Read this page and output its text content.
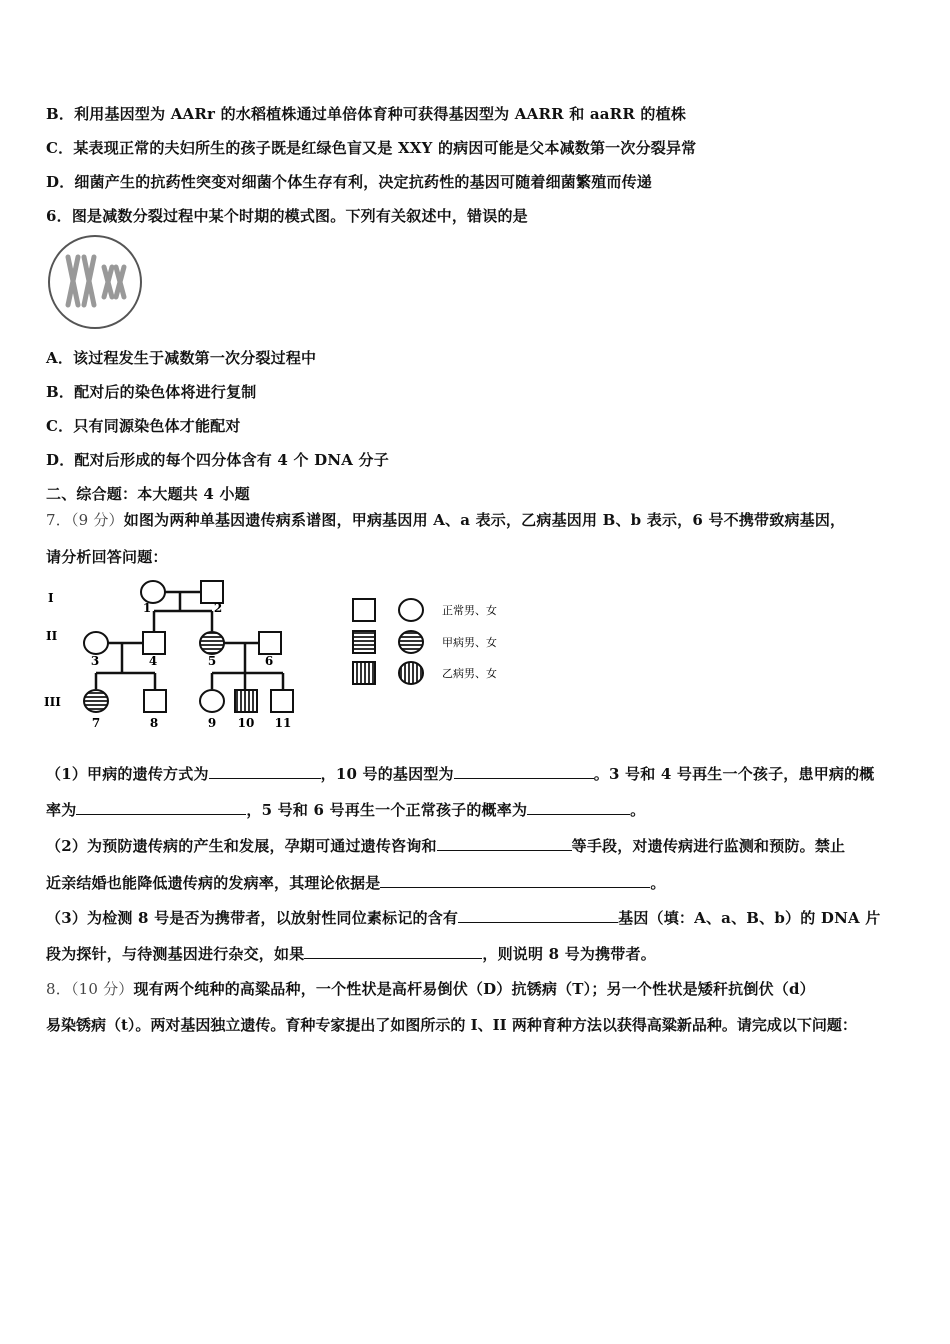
B．利用基因型为 AARr 的水稻植株通过单倍体育种可获得基因型为 AARR 和 aaRR 的植株
C．某表现正常的夫妇所生的孩子既是红绿色盲又是 XXY 的病因可能是父本减数第一次分裂异常
D．细菌产生的抗药性突变对细菌个体生存有利，决定抗药性的基因可随着细菌繁殖而传递
6．图是减数分裂过程中某个时期的模式图。下列有关叙述中，错误的是
A．该过程发生于减数第一次分裂过程中
B．配对后的染色体将进行复制
C．只有同源染色体才能配对
D．配对后形成的每个四分体含有 4 个 DNA 分子
二、综合题：本大题共 4 小题
7．（9 分）如图为两种单基因遗传病系谱图，甲病基因用 A、a 表示，乙病基因用 B、b 表示，6 号不携带致病基因，
请分析回答问题：
I
II
III
1	2
3	4	5	6
7	8	9 10 11
正常男、女
甲病男、女
乙病男、女
（1）甲病的遗传方式为	，10 号的基因型为	。3 号和 4 号再生一个孩子，患甲病的概
率为	，5 号和 6 号再生一个正常孩子的概率为	。
（2）为预防遗传病的产生和发展，孕期可通过遗传咨询和	等手段，对遗传病进行监测和预防。禁止
近亲结婚也能降低遗传病的发病率，其理论依据是	。
（3）为检测 8 号是否为携带者，以放射性同位素标记的含有	基因（填：A、a、B、b）的 DNA 片
段为探针，与待测基因进行杂交，如果	，则说明 8 号为携带者。
8．（10 分）现有两个纯种的高粱品种，一个性状是高杆易倒伏（D）抗锈病（T）；另一个性状是矮秆抗倒伏（d）
易染锈病（t）。两对基因独立遗传。育种专家提出了如图所示的 I、II 两种育种方法以获得高粱新品种。请完成以下问题：
